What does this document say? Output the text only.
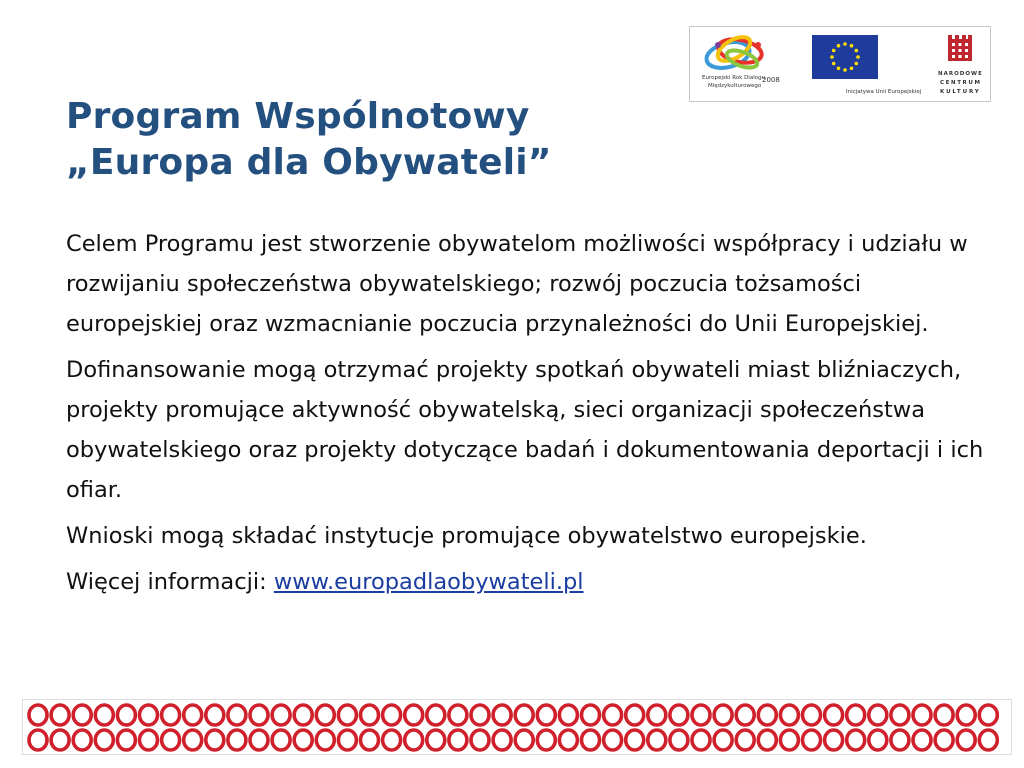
Europejski Rok Dialogu
Międzykulturowego
2008
Inicjatywa Unii Europejskiej
NARODOWE
CENTRUM
KULTURY
Program Wspólnotowy
„Europa dla Obywateli”

Celem Programu jest stworzenie obywatelom możliwości współpracy i udziału w rozwijaniu społeczeństwa obywatelskiego; rozwój poczucia tożsamości europejskiej oraz wzmacnianie poczucia przynależności do Unii Europejskiej.

Dofinansowanie mogą otrzymać projekty spotkań obywateli miast bliźniaczych, projekty promujące aktywność obywatelską, sieci organizacji społeczeństwa obywatelskiego oraz projekty dotyczące badań i dokumentowania deportacji i ich ofiar.

Wnioski mogą składać instytucje promujące obywatelstwo europejskie.

Więcej informacji: www.europadlaobywateli.pl
